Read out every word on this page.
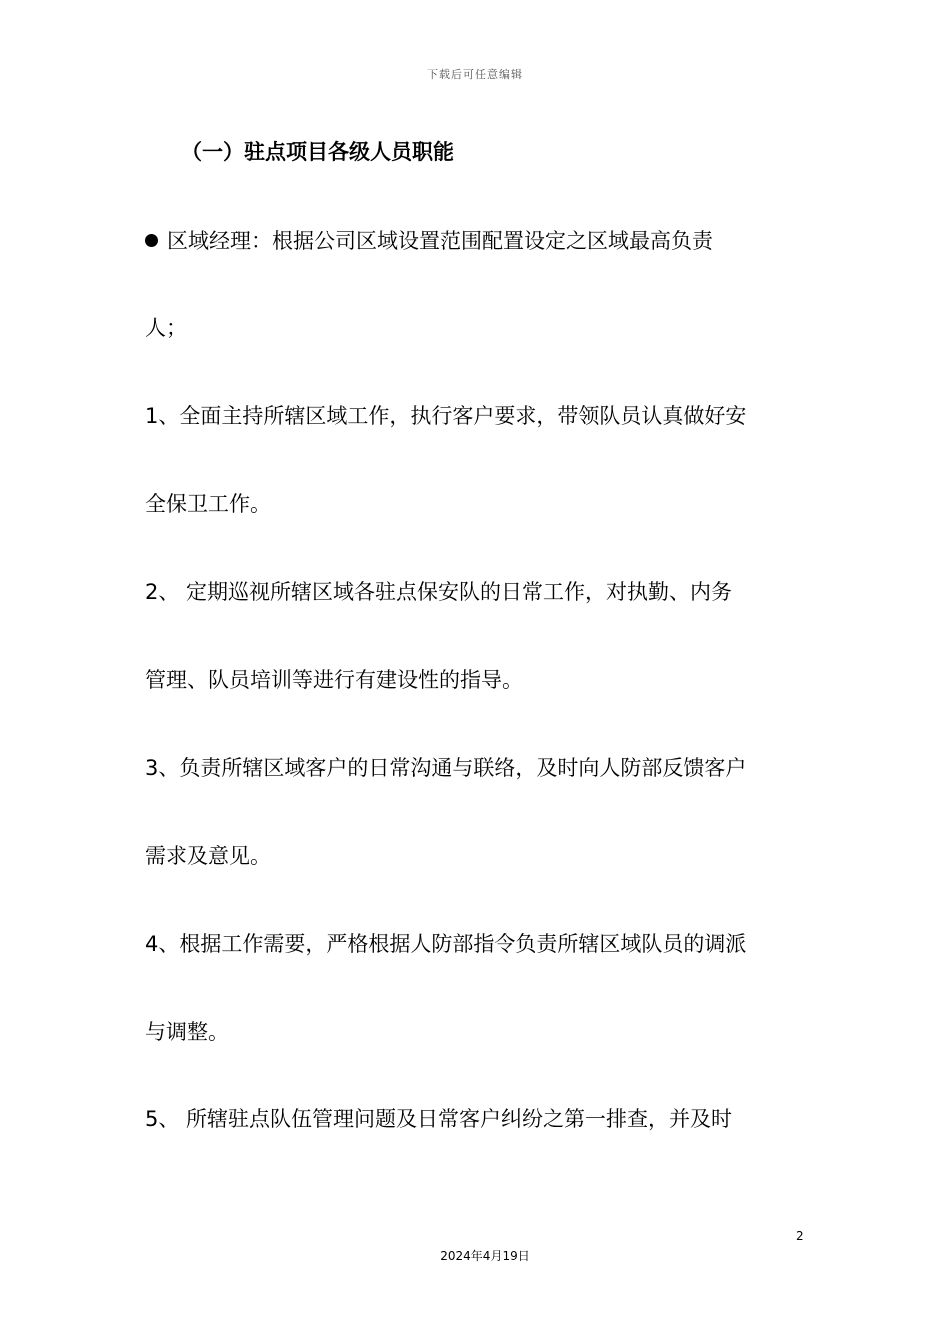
下载后可任意编辑
（一）驻点项目各级人员职能
区域经理：根据公司区域设置范围配置设定之区域最高负责
人；
1、全面主持所辖区域工作，执行客户要求，带领队员认真做好安
全保卫工作。
2、 定期巡视所辖区域各驻点保安队的日常工作，对执勤、内务
管理、队员培训等进行有建设性的指导。
3、负责所辖区域客户的日常沟通与联络，及时向人防部反馈客户
需求及意见。
4、根据工作需要，严格根据人防部指令负责所辖区域队员的调派
与调整。
5、 所辖驻点队伍管理问题及日常客户纠纷之第一排查，并及时
2
2024年4月19日
